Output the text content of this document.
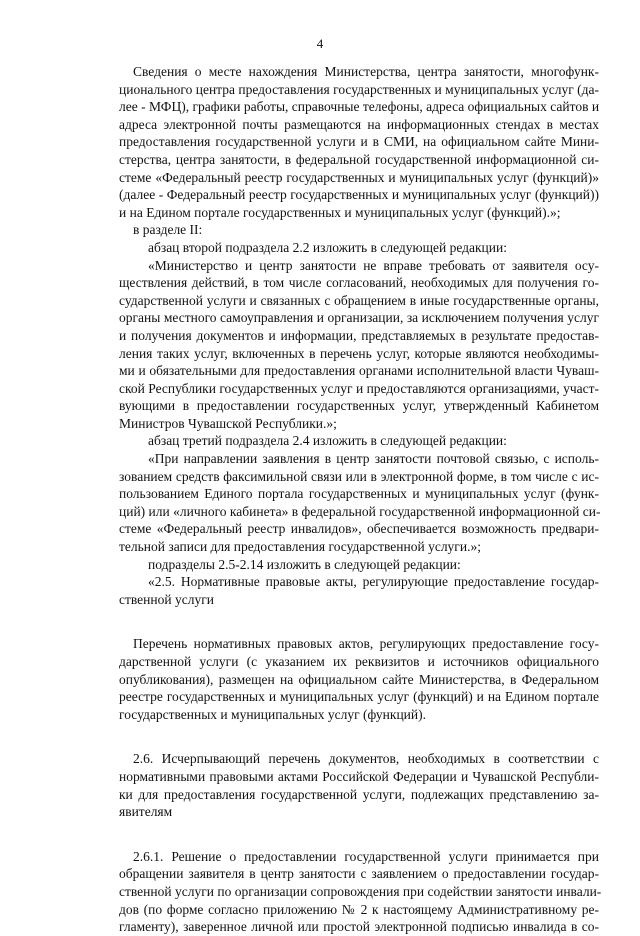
4
Сведения о месте нахождения Министерства, центра занятости, многофунк-
ционального центра предоставления государственных и муниципальных услуг (да-
лее - МФЦ), графики работы, справочные телефоны, адреса официальных сайтов и
адреса электронной почты размещаются на информационных стендах в местах
предоставления государственной услуги и в СМИ, на официальном сайте Мини-
стерства, центра занятости, в федеральной государственной информационной си-
стеме «Федеральный реестр государственных и муниципальных услуг (функций)»
(далее - Федеральный реестр государственных и муниципальных услуг (функций))
и на Едином портале государственных и муниципальных услуг (функций).»;
в разделе II:
абзац второй подраздела 2.2 изложить в следующей редакции:
«Министерство и центр занятости не вправе требовать от заявителя осу-
ществления действий, в том числе согласований, необходимых для получения го-
сударственной услуги и связанных с обращением в иные государственные органы,
органы местного самоуправления и организации, за исключением получения услуг
и получения документов и информации, представляемых в результате предостав-
ления таких услуг, включенных в перечень услуг, которые являются необходимы-
ми и обязательными для предоставления органами исполнительной власти Чуваш-
ской Республики государственных услуг и предоставляются организациями, участ-
вующими в предоставлении государственных услуг, утвержденный Кабинетом
Министров Чувашской Республики.»;
абзац третий подраздела 2.4 изложить в следующей редакции:
«При направлении заявления в центр занятости почтовой связью, с исполь-
зованием средств факсимильной связи или в электронной форме, в том числе с ис-
пользованием Единого портала государственных и муниципальных услуг (функ-
ций) или «личного кабинета» в федеральной государственной информационной си-
стеме «Федеральный реестр инвалидов», обеспечивается возможность предвари-
тельной записи для предоставления государственной услуги.»;
подразделы 2.5-2.14 изложить в следующей редакции:
«2.5. Нормативные правовые акты, регулирующие предоставление государ-
ственной услуги
Перечень нормативных правовых актов, регулирующих предоставление госу-
дарственной услуги (с указанием их реквизитов и источников официального
опубликования), размещен на официальном сайте Министерства, в Федеральном
реестре государственных и муниципальных услуг (функций) и на Едином портале
государственных и муниципальных услуг (функций).
2.6. Исчерпывающий перечень документов, необходимых в соответствии с
нормативными правовыми актами Российской Федерации и Чувашской Республи-
ки для предоставления государственной услуги, подлежащих представлению за-
явителям
2.6.1. Решение о предоставлении государственной услуги принимается при
обращении заявителя в центр занятости с заявлением о предоставлении государ-
ственной услуги по организации сопровождения при содействии занятости инвали-
дов (по форме согласно приложению № 2 к настоящему Административному ре-
гламенту), заверенное личной или простой электронной подписью инвалида в со-
